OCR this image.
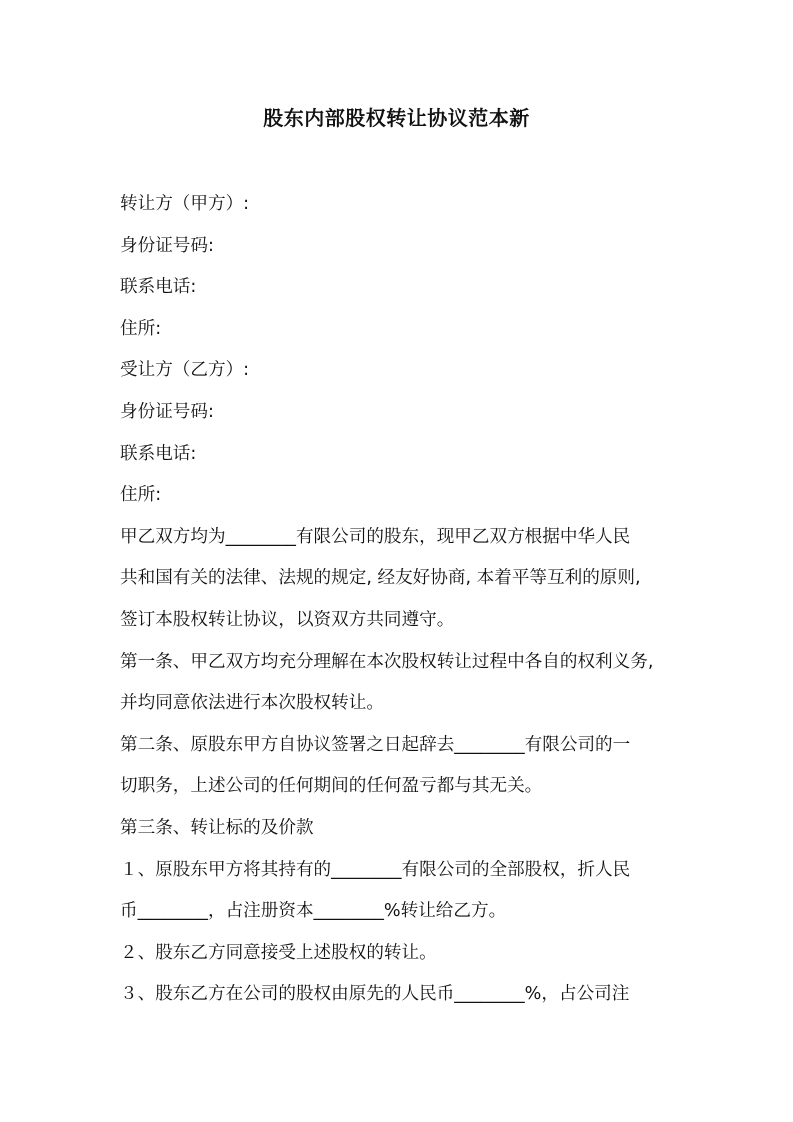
股东内部股权转让协议范本新
转让方（甲方）:
身份证号码:
联系电话:
住所:
受让方（乙方）:
身份证号码:
联系电话:
住所:
甲乙双方均为________有限公司的股东，现甲乙双方根据中华人民
共和国有关的法律、法规的规定, 经友好协商, 本着平等互利的原则,
签订本股权转让协议，以资双方共同遵守。
第一条、甲乙双方均充分理解在本次股权转让过程中各自的权利义务,
并均同意依法进行本次股权转让。
第二条、原股东甲方自协议签署之日起辞去________有限公司的一
切职务，上述公司的任何期间的任何盈亏都与其无关。
第三条、转让标的及价款
１、原股东甲方将其持有的________有限公司的全部股权，折人民
币________，占注册资本________%转让给乙方。
２、股东乙方同意接受上述股权的转让。
３、股东乙方在公司的股权由原先的人民币________%，占公司注
